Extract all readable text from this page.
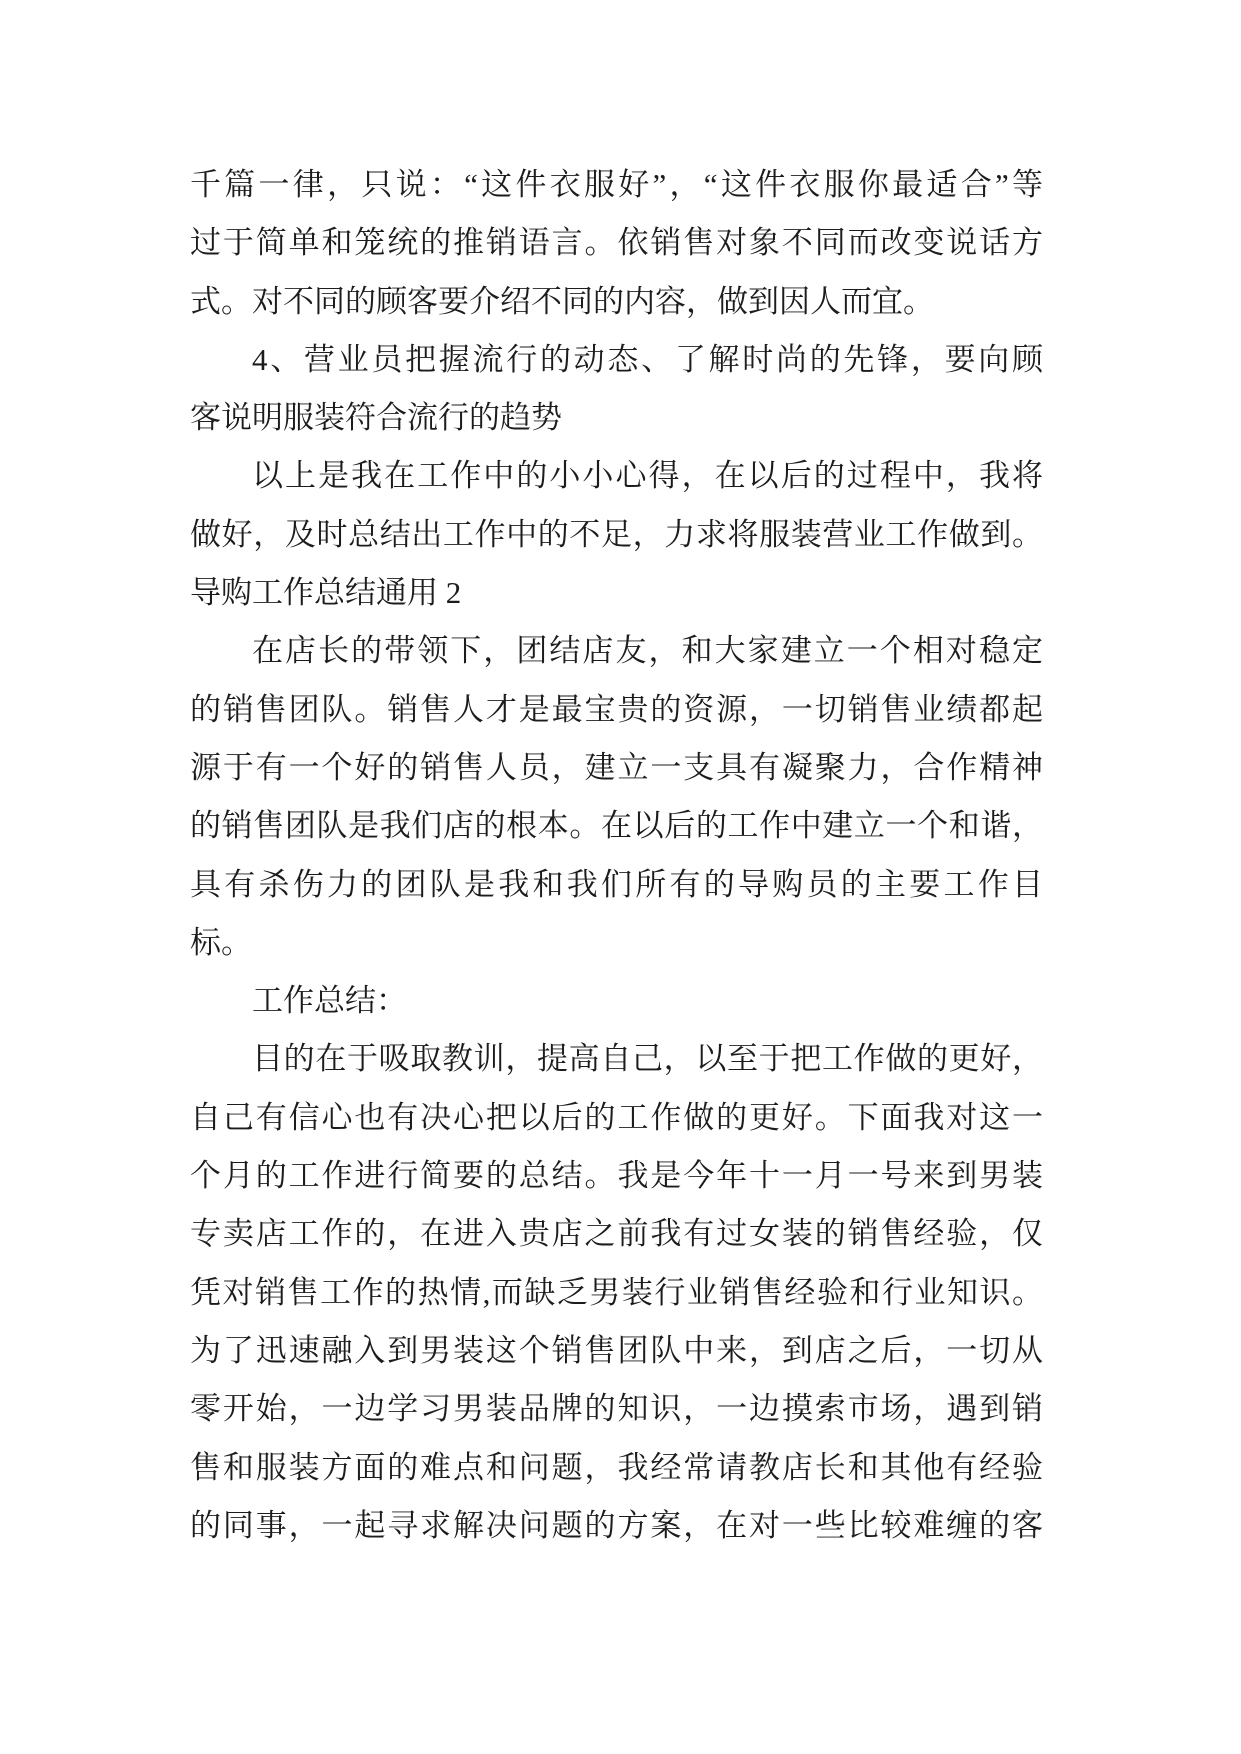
千篇一律，只说：“这件衣服好”，“这件衣服你最适合”等
过于简单和笼统的推销语言。依销售对象不同而改变说话方
式。对不同的顾客要介绍不同的内容，做到因人而宜。
4、营业员把握流行的动态、了解时尚的先锋，要向顾
客说明服装符合流行的趋势
以上是我在工作中的小小心得，在以后的过程中，我将
做好，及时总结出工作中的不足，力求将服装营业工作做到。
导购工作总结通用 2
在店长的带领下，团结店友，和大家建立一个相对稳定
的销售团队。销售人才是最宝贵的资源，一切销售业绩都起
源于有一个好的销售人员，建立一支具有凝聚力，合作精神
的销售团队是我们店的根本。在以后的工作中建立一个和谐，
具有杀伤力的团队是我和我们所有的导购员的主要工作目
标。
工作总结：
目的在于吸取教训，提高自己，以至于把工作做的更好，
自己有信心也有决心把以后的工作做的更好。下面我对这一
个月的工作进行简要的总结。我是今年十一月一号来到男装
专卖店工作的，在进入贵店之前我有过女装的销售经验，仅
凭对销售工作的热情,而缺乏男装行业销售经验和行业知识。
为了迅速融入到男装这个销售团队中来，到店之后，一切从
零开始，一边学习男装品牌的知识，一边摸索市场，遇到销
售和服装方面的难点和问题，我经常请教店长和其他有经验
的同事，一起寻求解决问题的方案，在对一些比较难缠的客
